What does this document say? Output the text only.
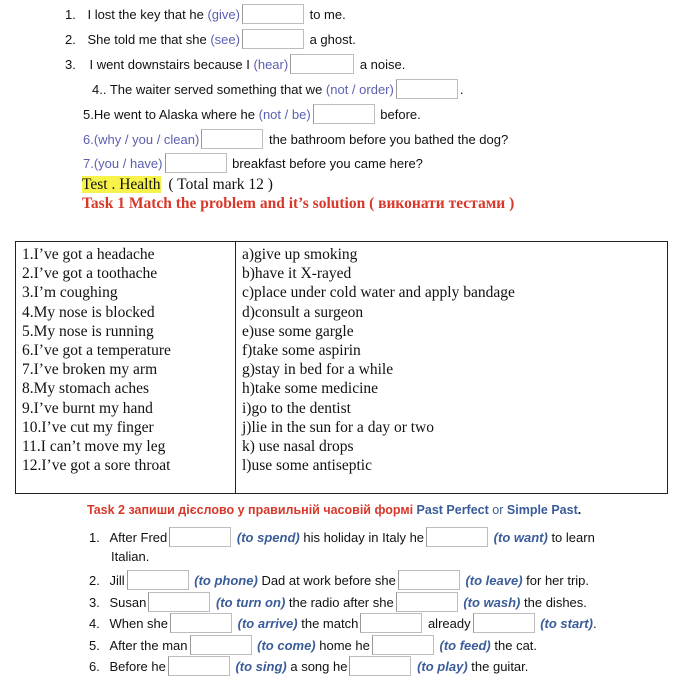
1. I lost the key that he (give)	to me.
2. She told me that she (see)	a ghost.
3. I went downstairs because I (hear)	a noise.
4.. The waiter served something that we (not / order)	.
5.He went to Alaska where he (not / be)	before.
6.(why / you / clean)	the bathroom before you bathed the dog?
7.(you / have)	breakfast before you came here?
Test . Health ( Total mark 12 )
Task 1 Match the problem and it’s solution ( виконати тестами )
1.I’ve got a headache
2.I’ve got a toothache
3.I’m coughing
4.My nose is blocked
5.My nose is running
6.I’ve got a temperature
7.I’ve broken my arm
8.My stomach aches
9.I’ve burnt my hand
10.I’ve cut my finger
11.I can’t move my leg
12.I’ve got a sore throat

a)give up smoking
b)have it X-rayed
c)place under cold water and apply bandage
d)consult a surgeon
e)use some gargle
f)take some aspirin
g)stay in bed for a while
h)take some medicine
i)go to the dentist
j)lie in the sun for a day or two
k) use nasal drops
l)use some antiseptic
Task 2 запиши дієслово у правильній часовій формі Past Perfect or Simple Past.
1. After Fred	(to spend) his holiday in Italy he	(to want) to learn
Italian.
2. Jill	(to phone) Dad at work before she	(to leave) for her trip.
3. Susan	(to turn on) the radio after she	(to wash) the dishes.
4. When she	(to arrive) the match	already	(to start).
5. After the man	(to come) home he	(to feed) the cat.
6. Before he	(to sing) a song he	(to play) the guitar.
